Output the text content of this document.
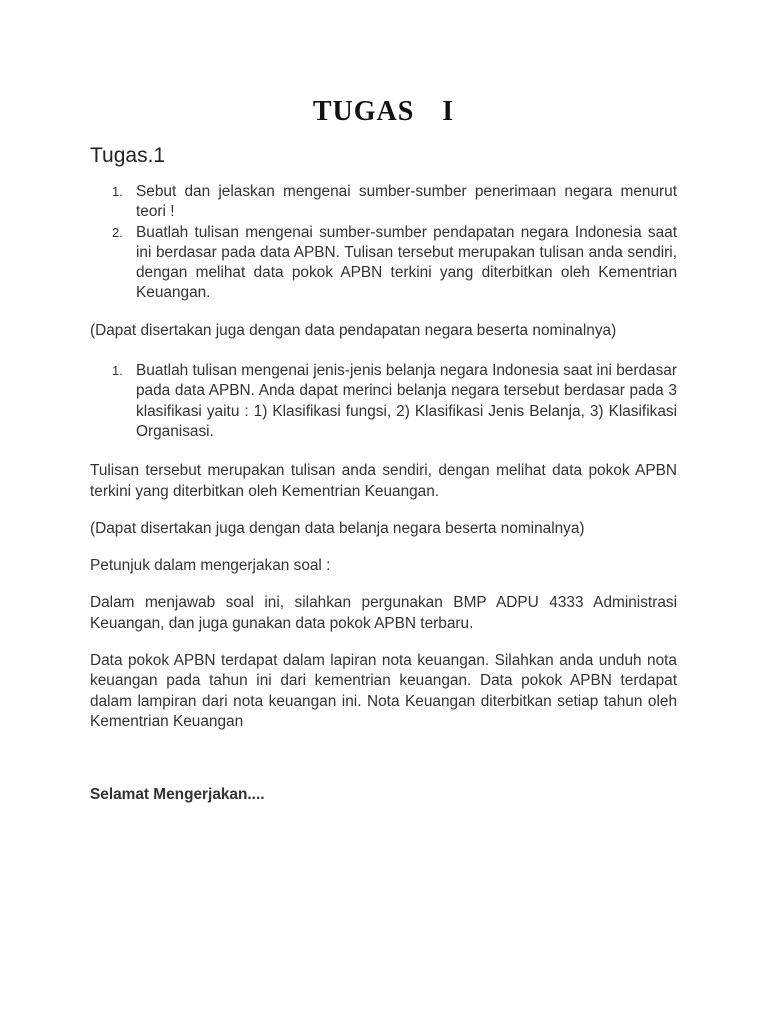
TUGAS  I
Tugas.1
1. Sebut dan jelaskan mengenai sumber-sumber penerimaan negara menurut teori !
2. Buatlah tulisan mengenai sumber-sumber pendapatan negara Indonesia saat ini berdasar pada data APBN. Tulisan tersebut merupakan tulisan anda sendiri, dengan melihat data pokok APBN terkini yang diterbitkan oleh Kementrian Keuangan.

(Dapat disertakan juga dengan data pendapatan negara beserta nominalnya)

1. Buatlah tulisan mengenai jenis-jenis belanja negara Indonesia saat ini berdasar pada data APBN. Anda dapat merinci belanja negara tersebut berdasar pada 3 klasifikasi yaitu : 1) Klasifikasi fungsi, 2) Klasifikasi Jenis Belanja, 3) Klasifikasi Organisasi.

Tulisan tersebut merupakan tulisan anda sendiri, dengan melihat data pokok APBN terkini yang diterbitkan oleh Kementrian Keuangan.

(Dapat disertakan juga dengan data belanja negara beserta nominalnya)

Petunjuk dalam mengerjakan soal :

Dalam menjawab soal ini, silahkan pergunakan BMP ADPU 4333 Administrasi Keuangan, dan juga gunakan data pokok APBN terbaru.

Data pokok APBN terdapat dalam lapiran nota keuangan. Silahkan anda unduh nota keuangan pada tahun ini dari kementrian keuangan. Data pokok APBN terdapat dalam lampiran dari nota keuangan ini. Nota Keuangan diterbitkan setiap tahun oleh Kementrian Keuangan

Selamat Mengerjakan....
